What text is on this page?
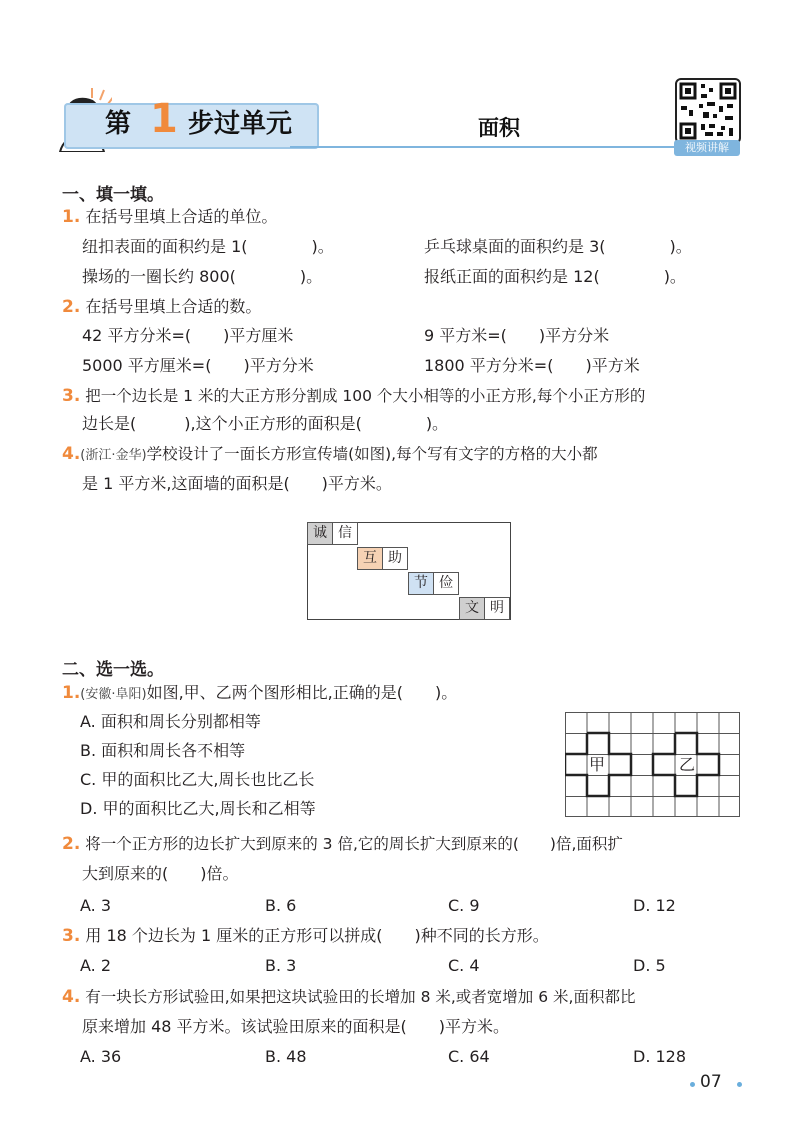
第 1 步过单元	面积
视频讲解
一、填一填。
1. 在括号里填上合适的单位。
纽扣表面的面积约是 1(　　　　)。	乒乓球桌面的面积约是 3(　　　　)。
操场的一圈长约 800(　　　　)。	报纸正面的面积约是 12(　　　　)。
2. 在括号里填上合适的数。
42 平方分米=(　　)平方厘米	9 平方米=(　　)平方分米
5000 平方厘米=(　　)平方分米	1800 平方分米=(　　)平方米
3. 把一个边长是 1 米的大正方形分割成 100 个大小相等的小正方形,每个小正方形的
边长是(　　　),这个小正方形的面积是(　　　　)。
4.(浙江·金华)学校设计了一面长方形宣传墙(如图),每个写有文字的方格的大小都
是 1 平方米,这面墙的面积是(　　)平方米。
诚	信
互	助
节	俭
文	明
二、选一选。
1.(安徽·阜阳)如图,甲、乙两个图形相比,正确的是(　　)。
A. 面积和周长分别都相等
B. 面积和周长各不相等
C. 甲的面积比乙大,周长也比乙长
D. 甲的面积比乙大,周长和乙相等
甲	乙
2. 将一个正方形的边长扩大到原来的 3 倍,它的周长扩大到原来的(　　)倍,面积扩
大到原来的(　　)倍。
A. 3	B. 6	C. 9	D. 12
3. 用 18 个边长为 1 厘米的正方形可以拼成(　　)种不同的长方形。
A. 2	B. 3	C. 4	D. 5
4. 有一块长方形试验田,如果把这块试验田的长增加 8 米,或者宽增加 6 米,面积都比
原来增加 48 平方米。该试验田原来的面积是(　　)平方米。
A. 36	B. 48	C. 64	D. 128
07
